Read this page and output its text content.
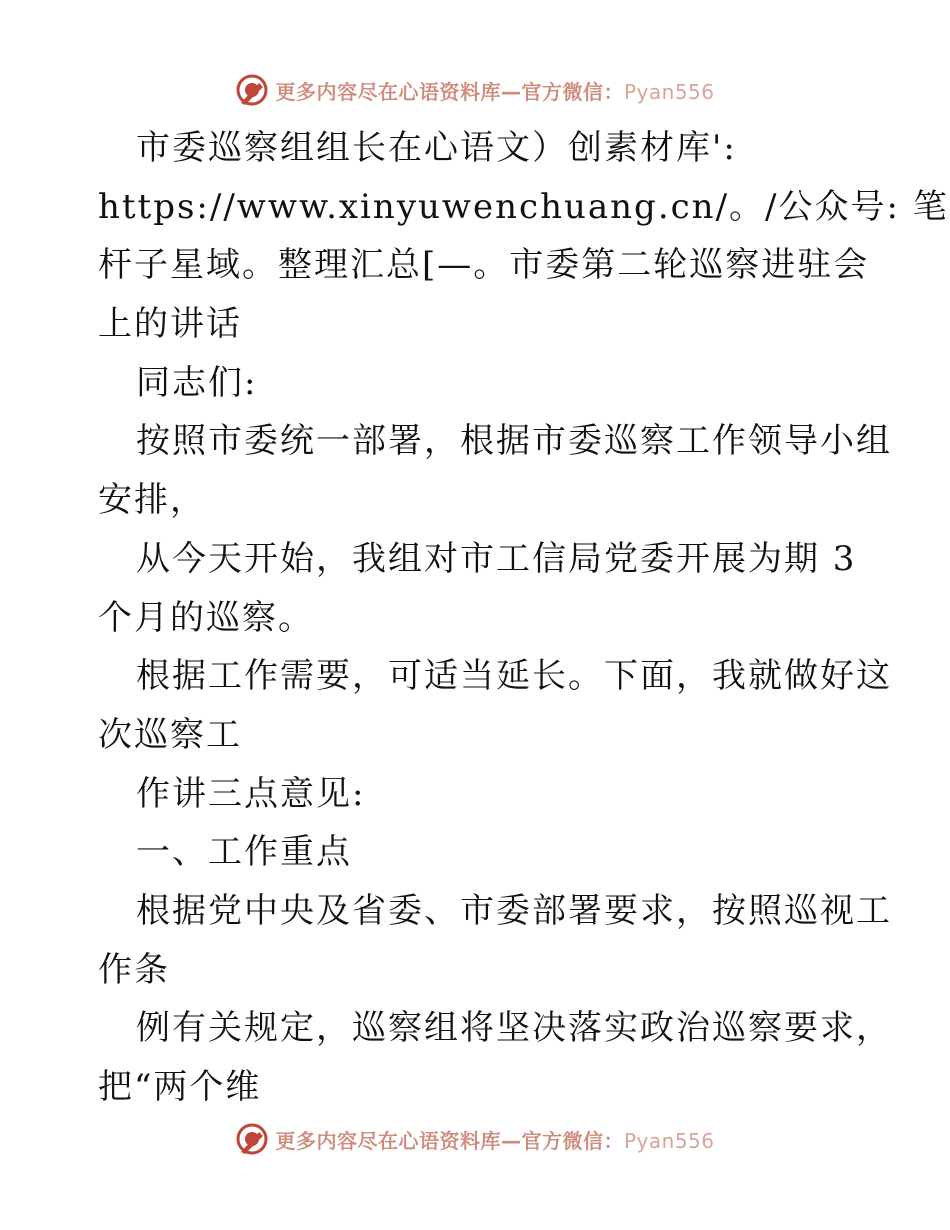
更多内容尽在心语资料库—官方微信：Pyan556
市委巡察组组长在心语文）创素材库':
https://www.xinyuwenchuang.cn/。/公众号: 笔
杆子星域。整理汇总[—。市委第二轮巡察进驻会
上的讲话
同志们:
按照市委统一部署，根据市委巡察工作领导小组
安排，
从今天开始，我组对市工信局党委开展为期 3
个月的巡察。
根据工作需要，可适当延长。下面，我就做好这
次巡察工
作讲三点意见:
一、工作重点
根据党中央及省委、市委部署要求，按照巡视工
作条
例有关规定，巡察组将坚决落实政治巡察要求，
把“两个维
更多内容尽在心语资料库—官方微信：Pyan556
